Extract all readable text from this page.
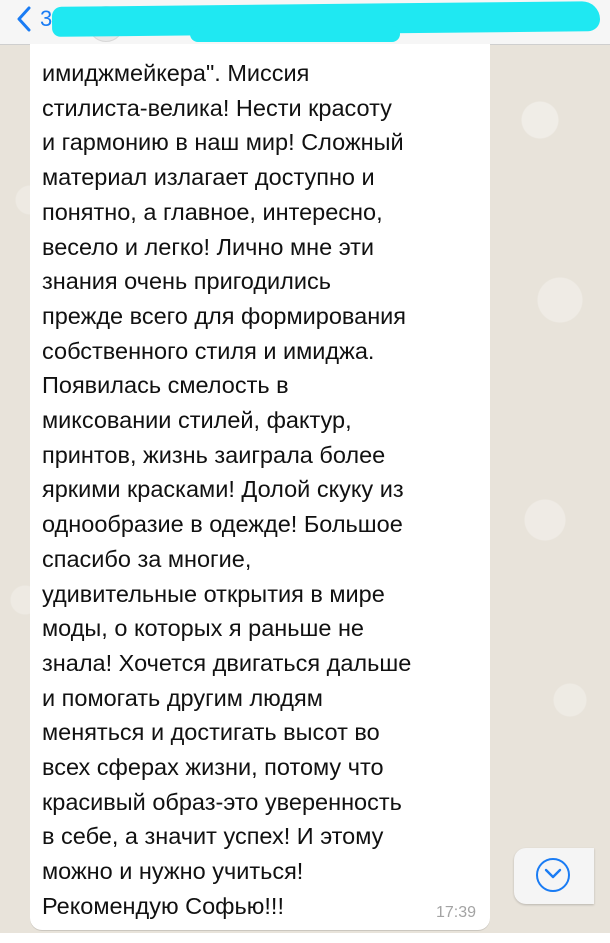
3

имиджмейкера". Миссия
стилиста-велика! Нести красоту
и гармонию в наш мир! Сложный
материал излагает доступно и
понятно, а главное, интересно,
весело и легко! Лично мне эти
знания очень пригодились
прежде всего для формирования
собственного стиля и имиджа.
Появилась смелость в
миксовании стилей, фактур,
принтов, жизнь заиграла более
яркими красками! Долой скуку из
однообразие в одежде! Большое
спасибо за многие,
удивительные открытия в мире
моды, о которых я раньше не
знала! Хочется двигаться дальше
и помогать другим людям
меняться и достигать высот во
всех сферах жизни, потому что
красивый образ-это уверенность
в себе, а значит успех! И этому
можно и нужно учиться!
Рекомендую Софью!!!	17:39
